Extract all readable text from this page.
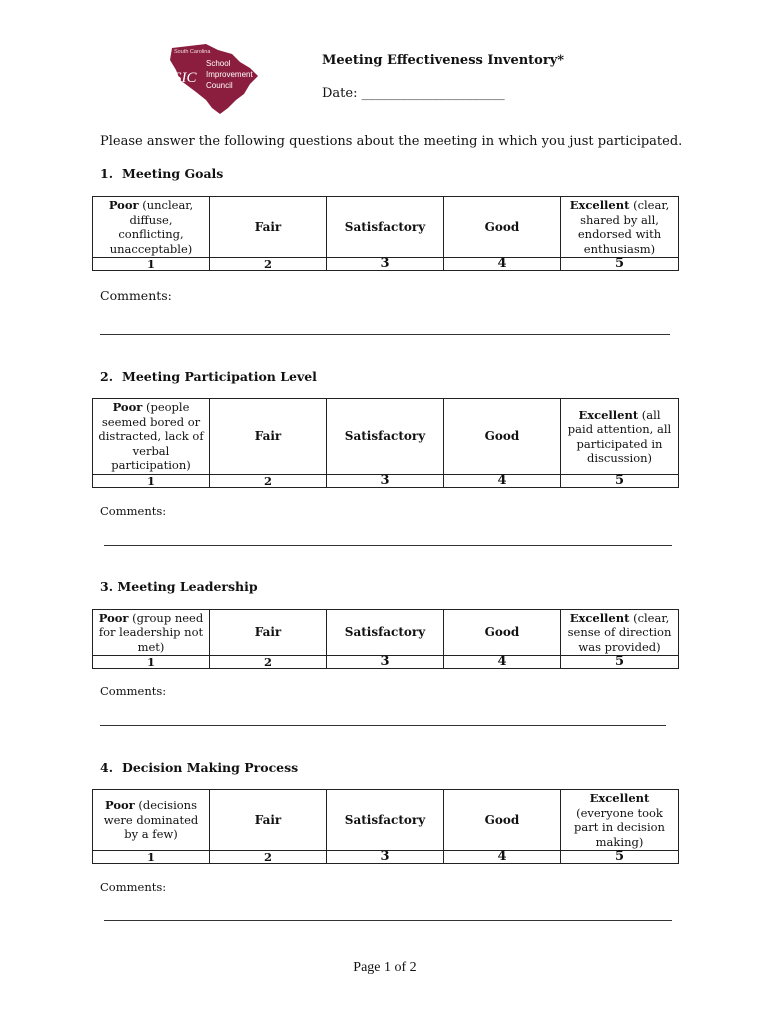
South Carolina
SIC
School
Improvement
Council
Meeting Effectiveness Inventory*
Date: ______________________
Please answer the following questions about the meeting in which you just participated.
1. Meeting Goals
Poor (unclear, diffuse, conflicting, unacceptable)	Fair	Satisfactory	Good	Excellent (clear, shared by all, endorsed with enthusiasm)
1	2	3	4	5
Comments:
2. Meeting Participation Level
Poor (people seemed bored or distracted, lack of verbal participation)	Fair	Satisfactory	Good	Excellent (all paid attention, all participated in discussion)
1	2	3	4	5
Comments:
3. Meeting Leadership
Poor (group need for leadership not met)	Fair	Satisfactory	Good	Excellent (clear, sense of direction was provided)
1	2	3	4	5
Comments:
4. Decision Making Process
Poor (decisions were dominated by a few)	Fair	Satisfactory	Good	Excellent
(everyone took part in decision making)
1	2	3	4	5
Comments:
Page 1 of 2
